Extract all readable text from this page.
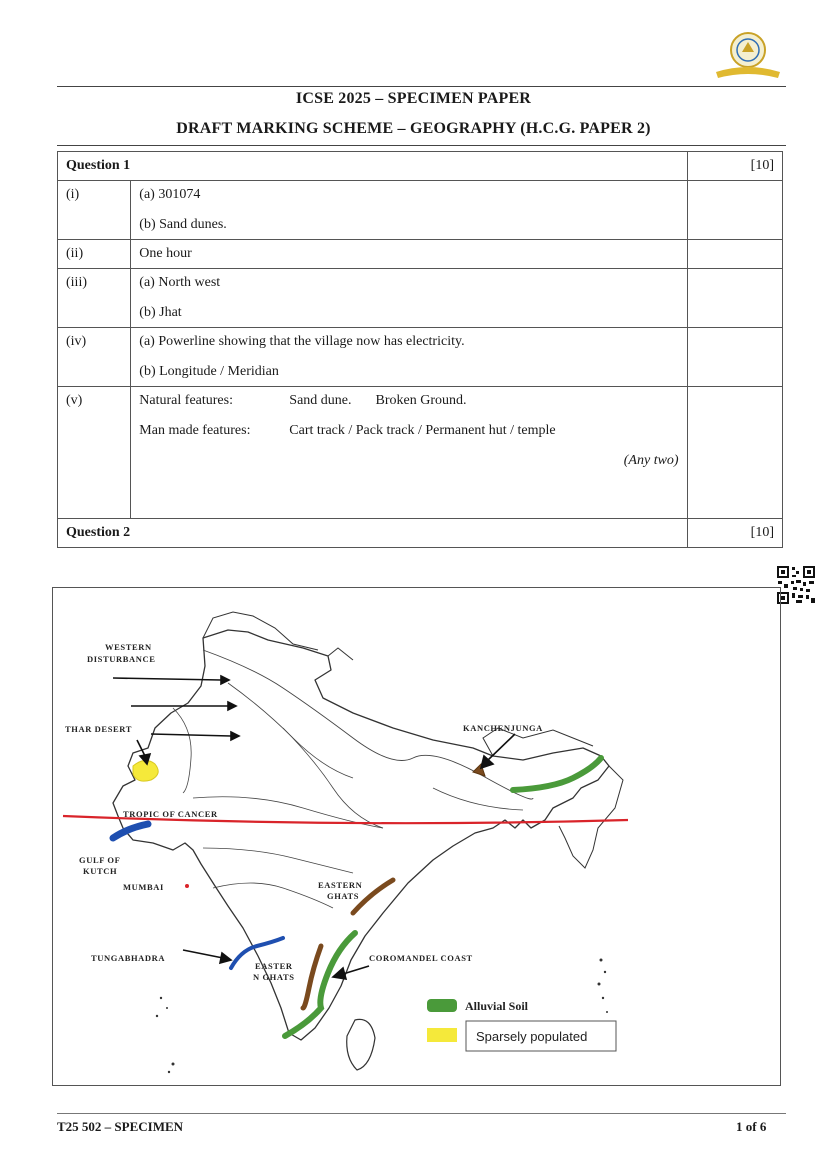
ICSE 2025 – SPECIMEN PAPER
DRAFT MARKING SCHEME – GEOGRAPHY (H.C.G. PAPER 2)
Question 1		[10]
(i)	(a) 301074
(b) Sand dunes.	

(ii)	One hour	

(iii)	(a) North west
(b) Jhat	

(iv)	(a) Powerline showing that the village now has electricity.
(b) Longitude / Meridian	

(v)	Natural features: Sand dune. Broken Ground.
Man made features: Cart track / Pack track / Permanent hut / temple
(Any two)	

Question 2		[10]
WESTERN
DISTURBANCE
THAR DESERT	KANCHENJUNGA
TROPIC OF CANCER
GULF OF
KUTCH
MUMBAI	EASTERN
GHATS
TUNGABHADRA
EASTER
N GHATS
COROMANDEL COAST
Alluvial Soil
Sparsely populated
T25 502 – SPECIMEN	1 of 6
